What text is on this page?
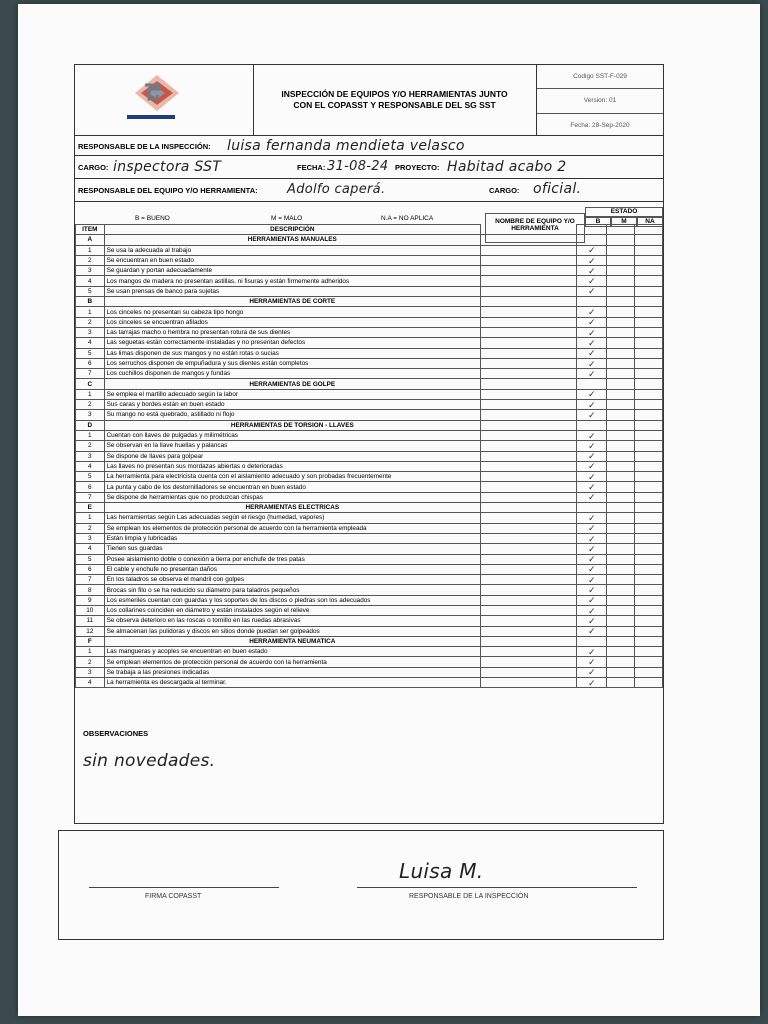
INSPECCIÓN DE EQUIPOS Y/O HERRAMIENTAS JUNTO CON EL COPASST Y RESPONSABLE DEL SG SST
Codigo SST-F-029
Version: 01
Fecha: 28-Sep-2020
RESPONSABLE DE LA INSPECCIÓN: luisa fernanda mendieta velasco
CARGO: inspectora SST	FECHA: 31-08-24 PROYECTO: Habitad acabo 2
RESPONSABLE DEL EQUIPO Y/O HERRAMIENTA: Adolfo caperá.	CARGO: oficial.
B = BUENO	M = MALO	N.A = NO APLICA	NOMBRE DE EQUIPO Y/O HERRAMIENTA
ESTADO
B	M	NA
ITEM	DESCRIPCIÓN				
A	HERRAMIENTAS MANUALES				
1	Se usa la adecuada al trabajo		✓		
2	Se encuentran en buen estado		✓		
3	Se guardan y portan adecuadamente		✓		
4	Los mangos de madera no presentan astillas, ni fisuras y están firmemente adheridos		✓		
5	Se usan prensas de banco para sujetas		✓		
B	HERRAMIENTAS DE CORTE				
1	Los cinceles no presentan su cabeza tipo hongo		✓		
2	Los cinceles se encuentran afilados		✓		
3	Las tarrajas macho o hembra no presentan rotura de sus dientes		✓		
4	Las seguetas están correctamente instaladas y no presentan defectos		✓		
5	Las limas disponen de sus mangos y no están rotas o sucias		✓		
6	Los serruchos disponen de empuñadura y sus dientes están completos		✓		
7	Los cuchillos disponen de mangos y fundas		✓		
C	HERRAMIENTAS DE GOLPE				
1	Se emplea el martillo adecuado según la labor		✓		
2	Sus caras y bordes están en buen estado		✓		
3	Su mango no está quebrado, astillado ni flojo		✓		
D	HERRAMIENTAS DE TORSION - LLAVES				
1	Cuentan con llaves de pulgadas y milimétricas		✓		
2	Se observan en la llave huellas y palancas		✓		
3	Se dispone de llaves para golpear		✓		
4	Las llaves no presentan sus mordazas abiertas o deterioradas		✓		
5	La herramienta para electricista cuenta con el aislamiento adecuado y son probadas frecuentemente		✓		
6	La punta y cabo de los destornilladores se encuentran en buen estado		✓		
7	Se dispone de herramientas que no produzcan chispas		✓		
E	HERRAMIENTAS ELECTRICAS				
1	Las herramientas según Las adecuadas según el riesgo (humedad, vapores)		✓		
2	Se emplean los elementos de protección personal de acuerdo con la herramienta empleada		✓		
3	Están limpia y lubricadas		✓		
4	Tienen sus guardas		✓		
5	Posee aislamiento doble o conexión a tierra por enchufe de tres patas		✓		
6	El cable y enchufe no presentan daños		✓		
7	En los taladros se observa el mandril con golpes		✓		
8	Brocas sin filo o se ha reducido su diámetro para taladros pequeños		✓		
9	Los esmeriles cuentan con guardas y los soportes de los discos o piedras son los adecuados		✓		
10	Los collarines coinciden en diámetro y están instalados según el relieve		✓		
11	Se observa deterioro en las roscas o tornillo en las ruedas abrasivas		✓		
12	Se almacenan las pulidoras y discos en sitios donde puedan ser golpeados		✓		
F	HERRAMIENTA NEUMATICA				
1	Las mangueras y acoples se encuentran en buen estado		✓		
2	Se emplean elementos de protección personal de acuerdo con la herramienta		✓		
3	Se trabaja a las presiones indicadas		✓		
4	La herramienta es descargada al terminar.		✓		
OBSERVACIONES
sin novedades.
FIRMA COPASST
Luisa M.
RESPONSABLE DE LA INSPECCIÓN
